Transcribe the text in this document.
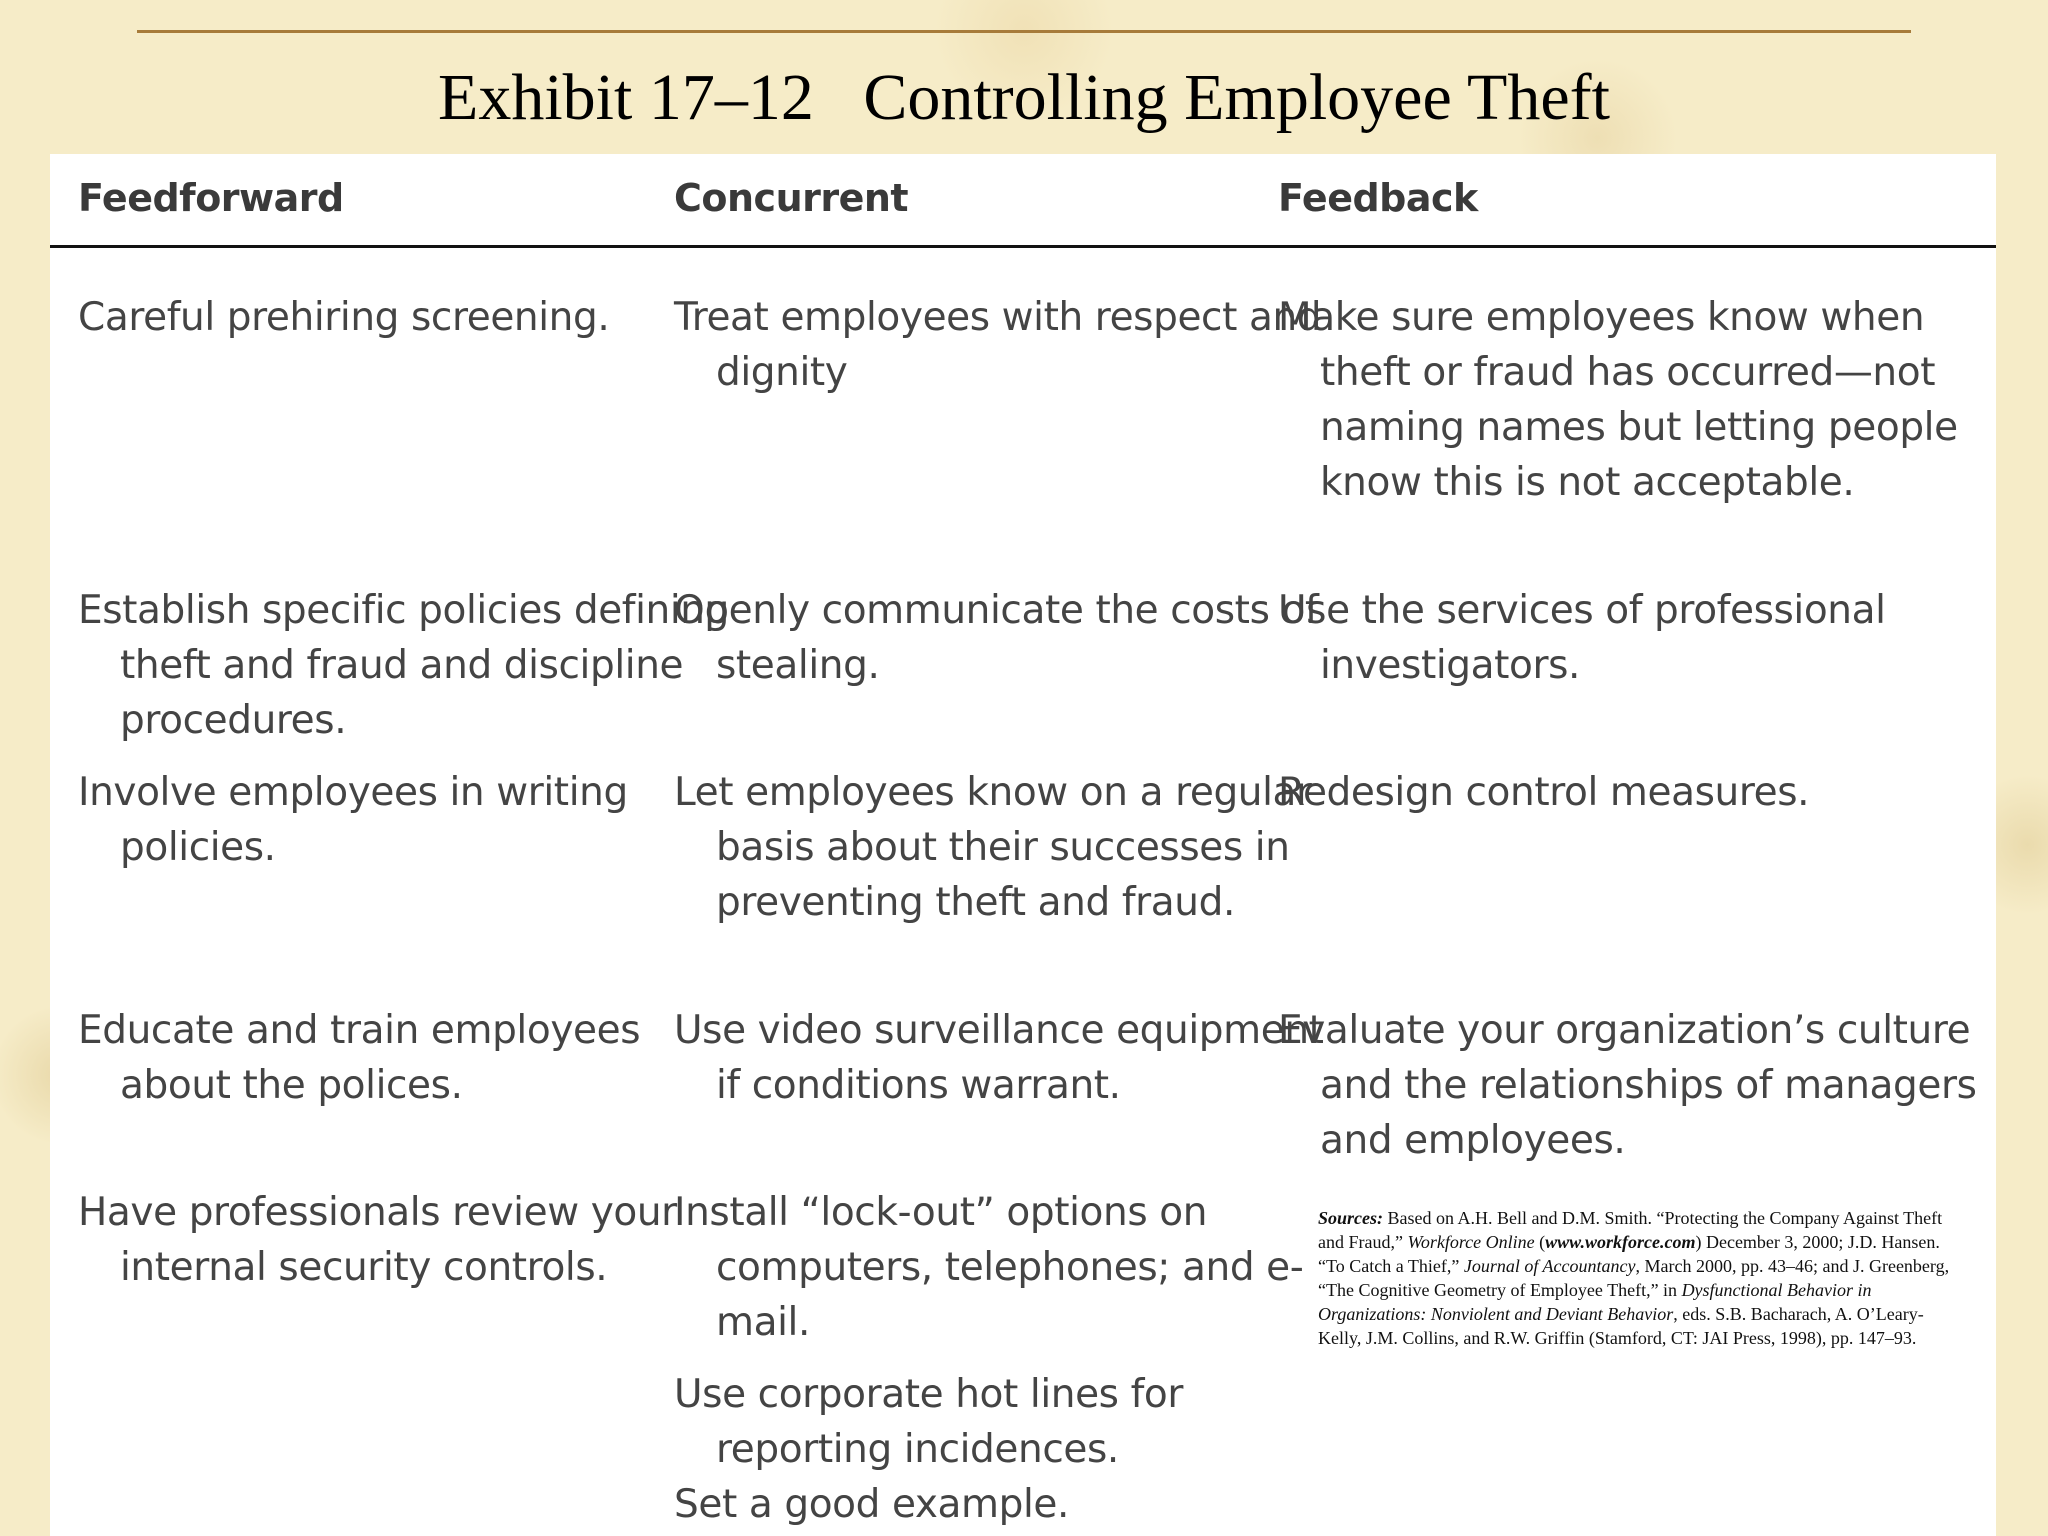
Exhibit 17–12   Controlling Employee Theft
Feedforward	Concurrent	Feedback
Careful prehiring screening.
Establish specific policies defining theft and fraud and discipline procedures.
Involve employees in writing policies.
Educate and train employees about the polices.
Have professionals review your internal security controls.
Treat employees with respect and dignity
Openly communicate the costs of stealing.
Let employees know on a regular basis about their successes in preventing theft and fraud.
Use video surveillance equipment if conditions warrant.
Install “lock-out” options on computers, telephones; and e-mail.
Use corporate hot lines for reporting incidences.
Set a good example.
Make sure employees know when theft or fraud has occurred—not naming names but letting people know this is not acceptable.
Use the services of professional investigators.
Redesign control measures.
Evaluate your organization’s culture and the relationships of managers and employees.
Sources: Based on A.H. Bell and D.M. Smith. “Protecting the Company Against Theft and Fraud,” Workforce Online (www.workforce.com) December 3, 2000; J.D. Hansen. “To Catch a Thief,” Journal of Accountancy, March 2000, pp. 43–46; and J. Greenberg, “The Cognitive Geometry of Employee Theft,” in Dysfunctional Behavior in Organizations: Nonviolent and Deviant Behavior, eds. S.B. Bacharach, A. O’Leary-Kelly, J.M. Collins, and R.W. Griffin (Stamford, CT: JAI Press, 1998), pp. 147–93.
